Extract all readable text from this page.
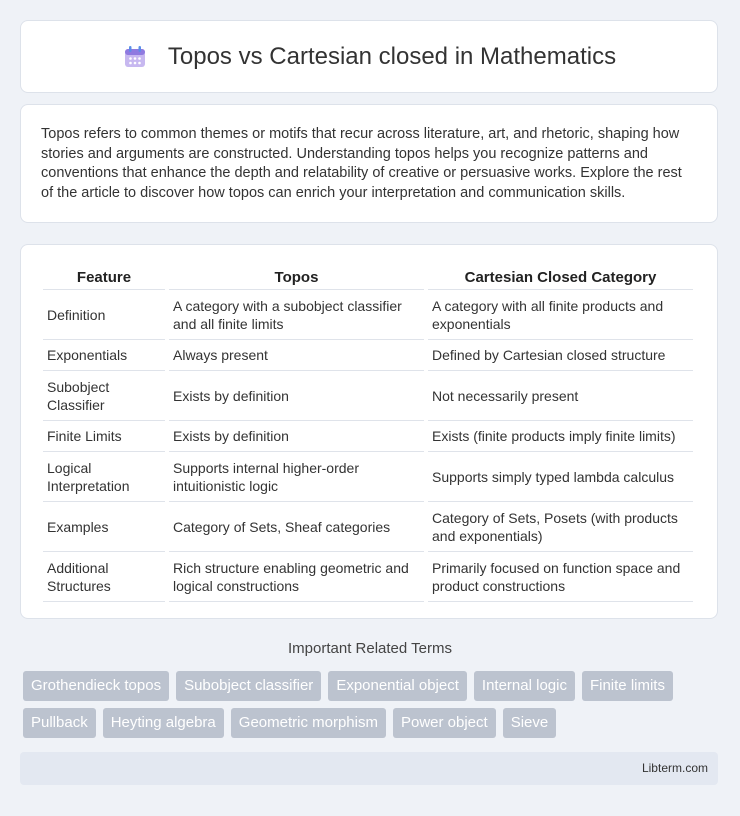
Topos vs Cartesian closed in Mathematics

Topos refers to common themes or motifs that recur across literature, art, and rhetoric, shaping how stories and arguments are constructed. Understanding topos helps you recognize patterns and conventions that enhance the depth and relatability of creative or persuasive works. Explore the rest of the article to discover how topos can enrich your interpretation and communication skills.

Feature	Topos	Cartesian Closed Category
Definition	A category with a subobject classifier and all finite limits	A category with all finite products and exponentials
Exponentials	Always present	Defined by Cartesian closed structure
Subobject Classifier	Exists by definition	Not necessarily present
Finite Limits	Exists by definition	Exists (finite products imply finite limits)
Logical Interpretation	Supports internal higher-order intuitionistic logic	Supports simply typed lambda calculus
Examples	Category of Sets, Sheaf categories	Category of Sets, Posets (with products and exponentials)
Additional Structures	Rich structure enabling geometric and logical constructions	Primarily focused on function space and product constructions
Important Related Terms
Grothendieck topos	Subobject classifier	Exponential object	Internal logic	Finite limits
Pullback	Heyting algebra	Geometric morphism	Power object	Sieve
Libterm.com
